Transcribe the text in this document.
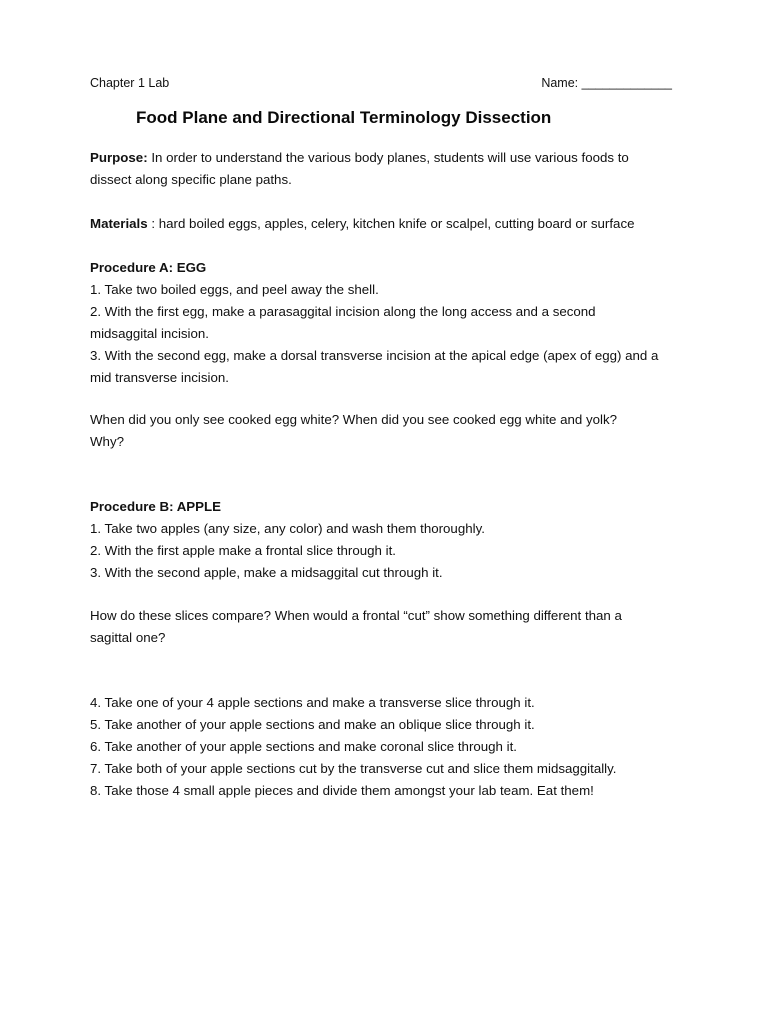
Chapter 1 Lab	Name: _____________
Food Plane and Directional Terminology Dissection

Purpose: In order to understand the various body planes, students will use various foods to

dissect along specific plane paths.

Materials : hard boiled eggs, apples, celery, kitchen knife or scalpel, cutting board or surface

Procedure A: EGG

1. Take two boiled eggs, and peel away the shell.
2. With the first egg, make a parasaggital incision along the long access and a second
midsaggital incision.
3. With the second egg, make a dorsal transverse incision at the apical edge (apex of egg) and a
mid transverse incision.

When did you only see cooked egg white? When did you see cooked egg white and yolk?

Why?

Procedure B: APPLE

1. Take two apples (any size, any color) and wash them thoroughly.
2. With the first apple make a frontal slice through it.
3. With the second apple, make a midsaggital cut through it.

How do these slices compare? When would a frontal “cut” show something different than a

sagittal one?

4. Take one of your 4 apple sections and make a transverse slice through it.
5. Take another of your apple sections and make an oblique slice through it.
6. Take another of your apple sections and make coronal slice through it.
7. Take both of your apple sections cut by the transverse cut and slice them midsaggitally.
8. Take those 4 small apple pieces and divide them amongst your lab team. Eat them!
